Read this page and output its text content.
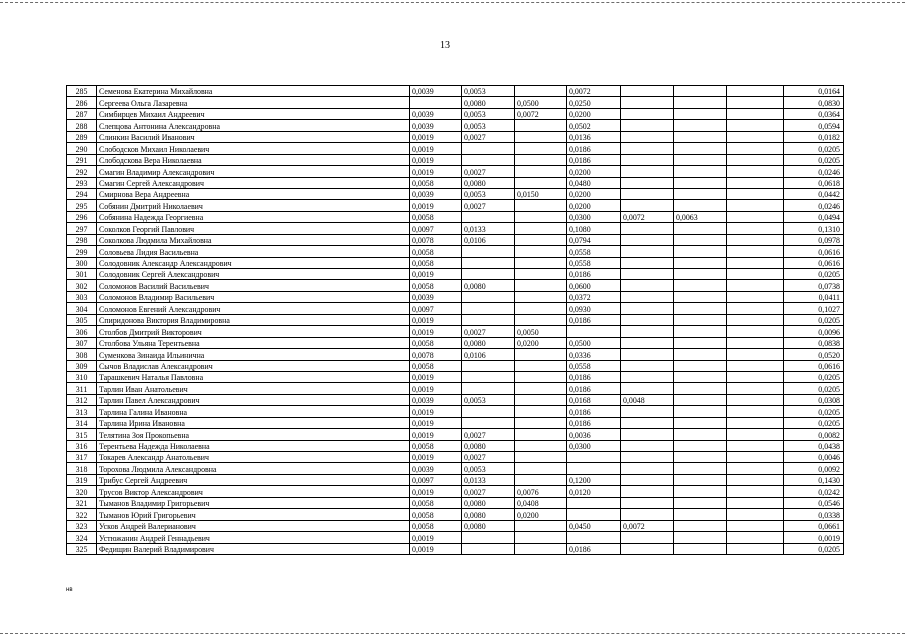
13
285	Семенова Екатерина Михайловна	0,0039	0,0053		0,0072				0,0164
286	Сергеева Ольга Лазаревна		0,0080	0,0500	0,0250				0,0830
287	Симбирцев Михаил Андреевич	0,0039	0,0053	0,0072	0,0200				0,0364
288	Слепцова Антонина Александровна	0,0039	0,0053		0,0502				0,0594
289	Слинкин Василий Иванович	0,0019	0,0027		0,0136				0,0182
290	Слободсков Михаил Николаевич	0,0019			0,0186				0,0205
291	Слободскова Вера Николаевна	0,0019			0,0186				0,0205
292	Смагин Владимир Александрович	0,0019	0,0027		0,0200				0,0246
293	Смагин Сергей Александрович	0,0058	0,0080		0,0480				0,0618
294	Смирнова Вера Андреевна	0,0039	0,0053	0,0150	0,0200				0,0442
295	Собянин Дмитрий Николаевич	0,0019	0,0027		0,0200				0,0246
296	Собянина Надежда Георгиевна	0,0058			0,0300	0,0072	0,0063		0,0494
297	Соколков Георгий Павлович	0,0097	0,0133		0,1080				0,1310
298	Соколкова Людмила Михайловна	0,0078	0,0106		0,0794				0,0978
299	Соловьева Лидия Васильевна	0,0058			0,0558				0,0616
300	Солодовник Александр Александрович	0,0058			0,0558				0,0616
301	Солодовник Сергей Александрович	0,0019			0,0186				0,0205
302	Соломонов Василий Васильевич	0,0058	0,0080		0,0600				0,0738
303	Соломонов Владимир Васильевич	0,0039			0,0372				0,0411
304	Соломонов Евгений Александрович	0,0097			0,0930				0,1027
305	Спиридонова Виктория Владимировна	0,0019			0,0186				0,0205
306	Столбов Дмитрий Викторович	0,0019	0,0027	0,0050					0,0096
307	Столбова Ульяна Терентьевна	0,0058	0,0080	0,0200	0,0500				0,0838
308	Суменкова Зинаида Ильинична	0,0078	0,0106		0,0336				0,0520
309	Сычов Владислав Александрович	0,0058			0,0558				0,0616
310	Тарашкевич Наталья Павловна	0,0019			0,0186				0,0205
311	Тарлин Иван Анатольевич	0,0019			0,0186				0,0205
312	Тарлин Павел Александрович	0,0039	0,0053		0,0168	0,0048			0,0308
313	Тарлина Галина Ивановна	0,0019			0,0186				0,0205
314	Тарлина Ирина Ивановна	0,0019			0,0186				0,0205
315	Телятина Зоя Прокопьевна	0,0019	0,0027		0,0036				0,0082
316	Терентьева Надежда Николаевна	0,0058	0,0080		0,0300				0,0438
317	Токарев Александр Анатольевич	0,0019	0,0027						0,0046
318	Торохова Людмила Александровна	0,0039	0,0053						0,0092
319	Трибус Сергей Андреевич	0,0097	0,0133		0,1200				0,1430
320	Трусов Виктор Александрович	0,0019	0,0027	0,0076	0,0120				0,0242
321	Тыманов Владимир Григорьевич	0,0058	0,0080	0,0408					0,0546
322	Тыманов Юрий Григорьевич	0,0058	0,0080	0,0200					0,0338
323	Усков Андрей Валерианович	0,0058	0,0080		0,0450	0,0072			0,0661
324	Устюжанин Андрей Геннадьевич	0,0019							0,0019
325	Федищин Валерий Владимирович	0,0019			0,0186				0,0205
нв
